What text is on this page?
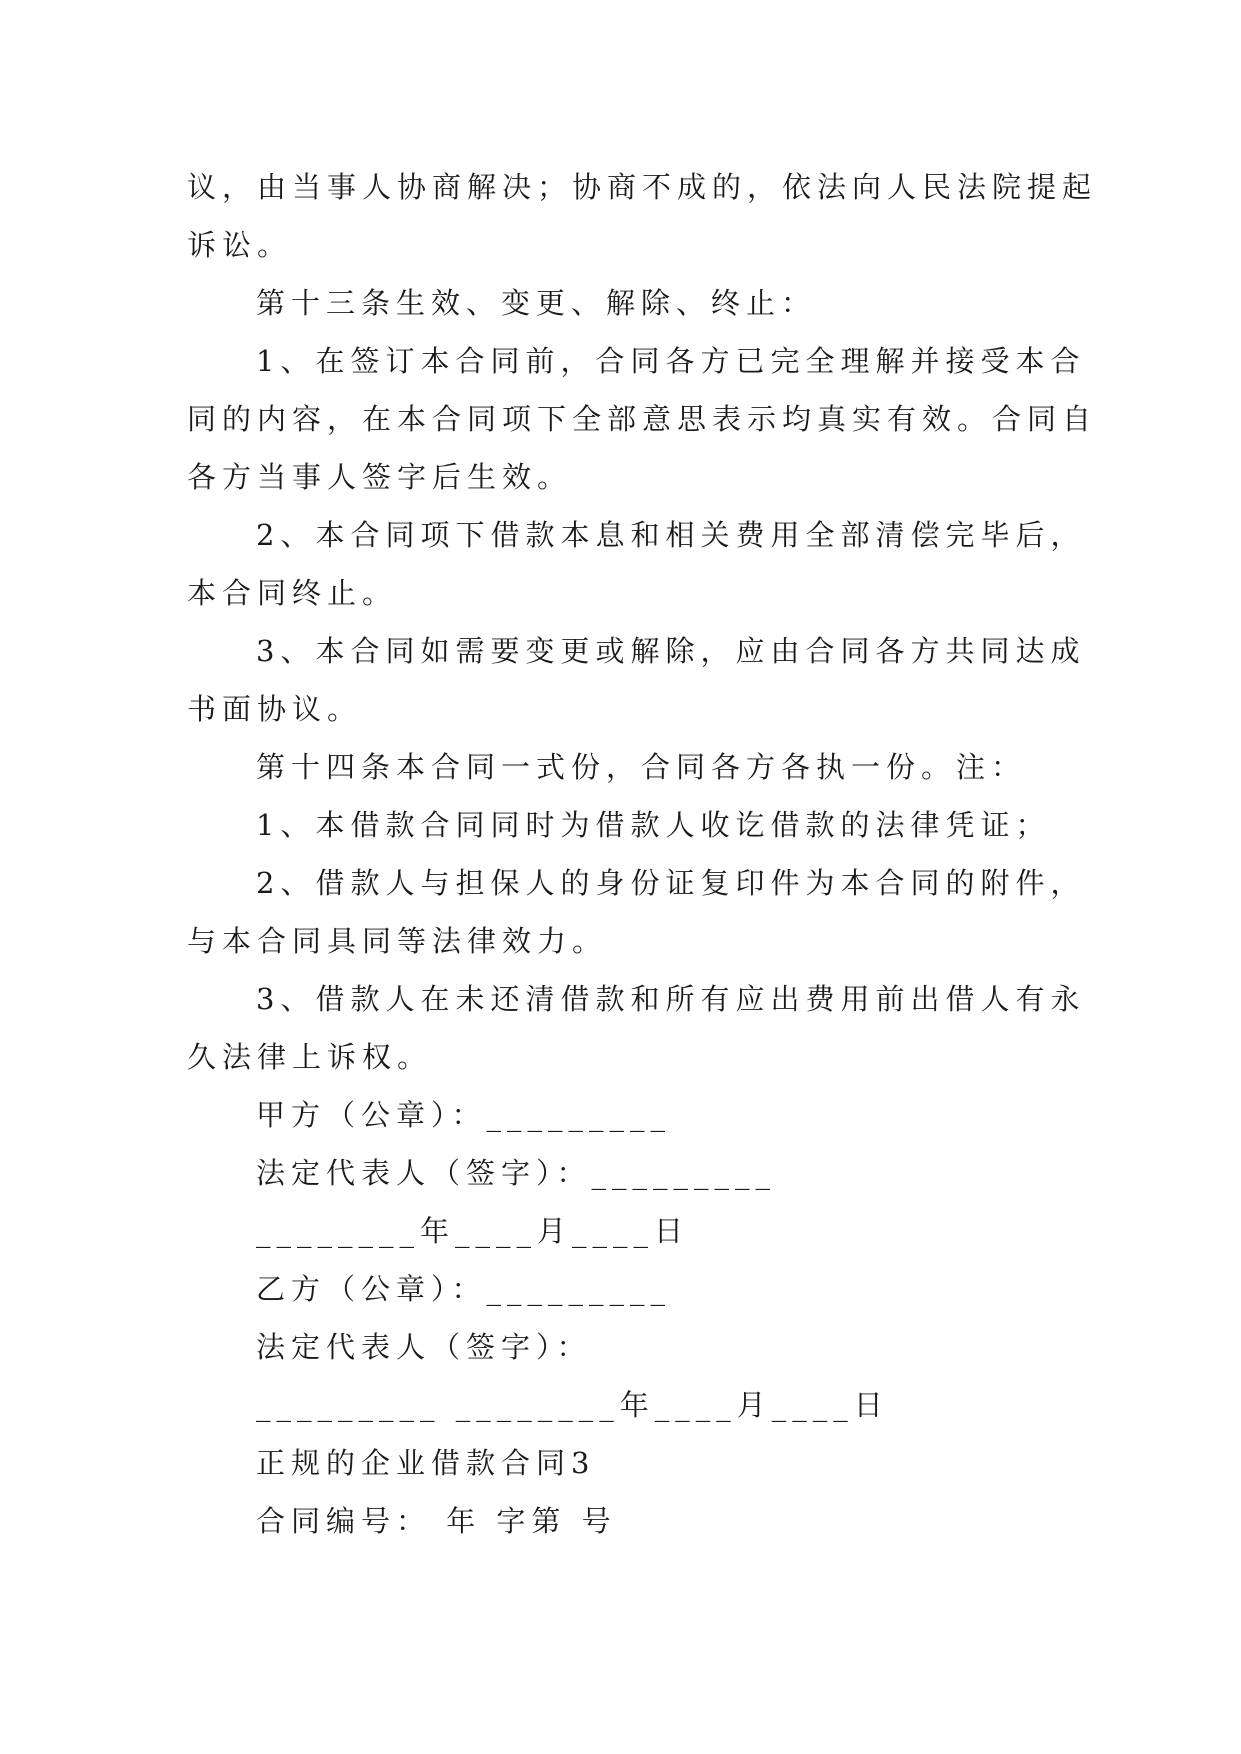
议，由当事人协商解决；协商不成的，依法向人民法院提起
诉讼。
第十三条生效、变更、解除、终止：
1、在签订本合同前，合同各方已完全理解并接受本合
同的内容，在本合同项下全部意思表示均真实有效。合同自
各方当事人签字后生效。
2、本合同项下借款本息和相关费用全部清偿完毕后，
本合同终止。
3、本合同如需要变更或解除，应由合同各方共同达成
书面协议。
第十四条本合同一式份，合同各方各执一份。注：
1、本借款合同同时为借款人收讫借款的法律凭证；
2、借款人与担保人的身份证复印件为本合同的附件，
与本合同具同等法律效力。
3、借款人在未还清借款和所有应出费用前出借人有永
久法律上诉权。
甲方（公章）：_________
法定代表人（签字）：_________
________年____月____日
乙方（公章）：_________
法定代表人（签字）：
_________ ________年____月____日
正规的企业借款合同3
合同编号： 年 字第 号
